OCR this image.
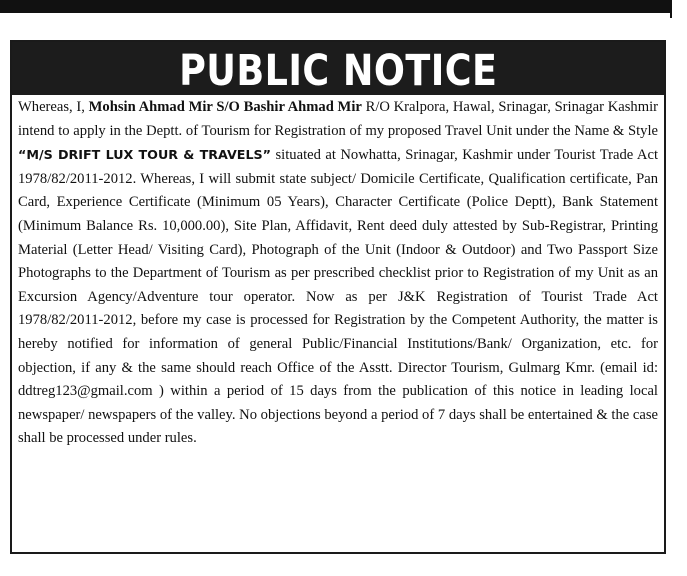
PUBLIC NOTICE
Whereas, I, Mohsin Ahmad Mir S/O Bashir Ahmad Mir R/O Kralpora, Hawal, Srinagar, Srinagar Kashmir intend to apply in the Deptt. of Tourism for Registration of my proposed Travel Unit under the Name & Style “M/S DRIFT LUX TOUR & TRAVELS” situated at Nowhatta, Srinagar, Kashmir under Tourist Trade Act 1978/82/2011-2012. Whereas, I will submit state subject/ Domicile Certificate, Qualification certificate, Pan Card, Experience Certificate (Minimum 05 Years), Character Certificate (Police Deptt), Bank Statement (Minimum Balance Rs. 10,000.00), Site Plan, Affidavit, Rent deed duly attested by Sub-Registrar, Printing Material (Letter Head/ Visiting Card), Photograph of the Unit (Indoor & Outdoor) and Two Passport Size Photographs to the Department of Tourism as per prescribed checklist prior to Registration of my Unit as an Excursion Agency/Adventure tour operator. Now as per J&K Registration of Tourist Trade Act 1978/82/2011-2012, before my case is processed for Registration by the Competent Authority, the matter is hereby notified for information of general Public/Financial Institutions/Bank/ Organization, etc. for objection, if any & the same should reach Office of the Asstt. Director Tourism, Gulmarg Kmr. (email id: ddtreg123@gmail.com ) within a period of 15 days from the publication of this notice in leading local newspaper/ newspapers of the valley. No objections beyond a period of 7 days shall be entertained & the case shall be processed under rules.
